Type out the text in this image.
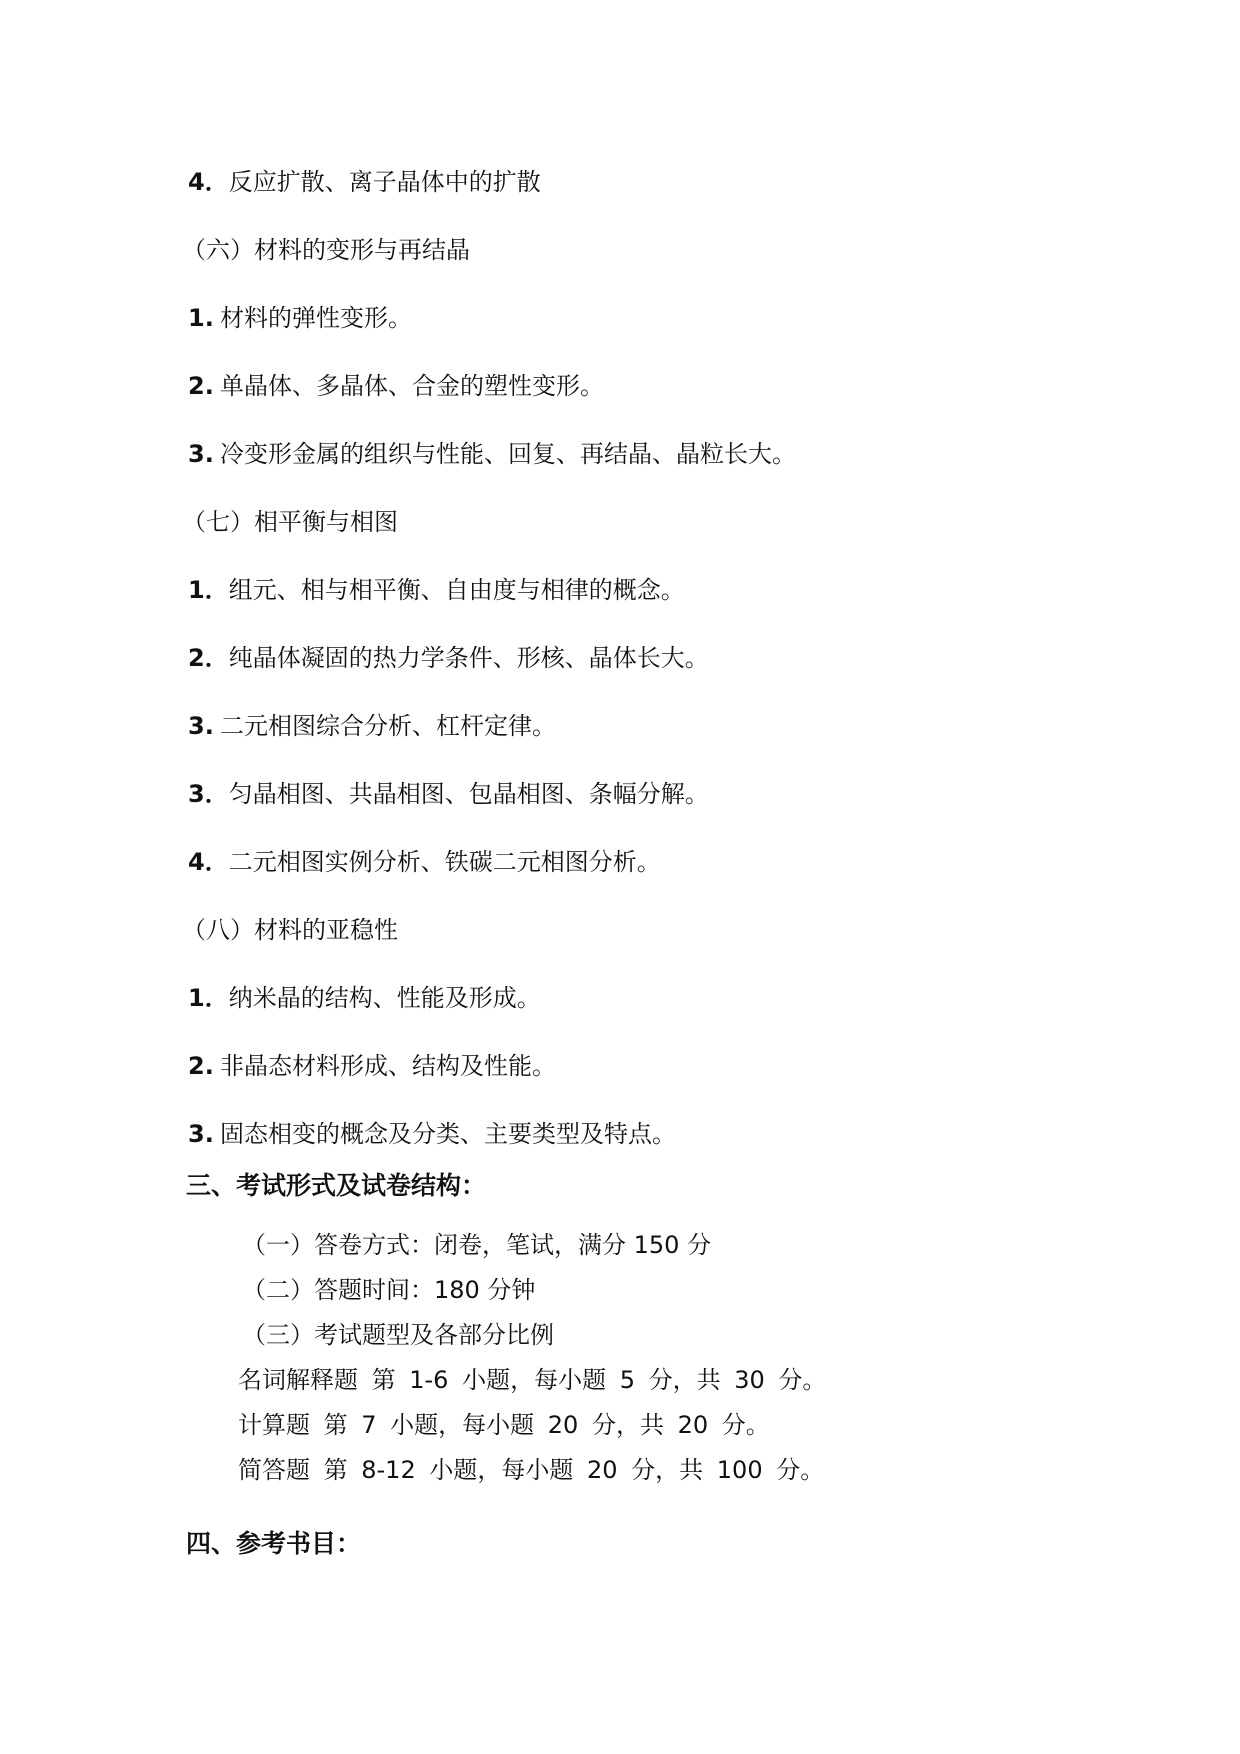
4．反应扩散、离子晶体中的扩散
（六）材料的变形与再结晶
1. 材料的弹性变形。
2. 单晶体、多晶体、合金的塑性变形。
3. 冷变形金属的组织与性能、回复、再结晶、晶粒长大。
（七）相平衡与相图
1．组元、相与相平衡、自由度与相律的概念。
2．纯晶体凝固的热力学条件、形核、晶体长大。
3. 二元相图综合分析、杠杆定律。
3．匀晶相图、共晶相图、包晶相图、条幅分解。
4．二元相图实例分析、铁碳二元相图分析。
（八）材料的亚稳性
1．纳米晶的结构、性能及形成。
2. 非晶态材料形成、结构及性能。
3. 固态相变的概念及分类、主要类型及特点。
三、考试形式及试卷结构：
（一）答卷方式：闭卷，笔试，满分 150 分
（二）答题时间：180 分钟
（三）考试题型及各部分比例
名词解释题 第 1-6 小题，每小题 5 分，共 30 分。
计算题 第 7 小题，每小题 20 分，共 20 分。
简答题 第 8-12 小题，每小题 20 分，共 100 分。
四、参考书目：
